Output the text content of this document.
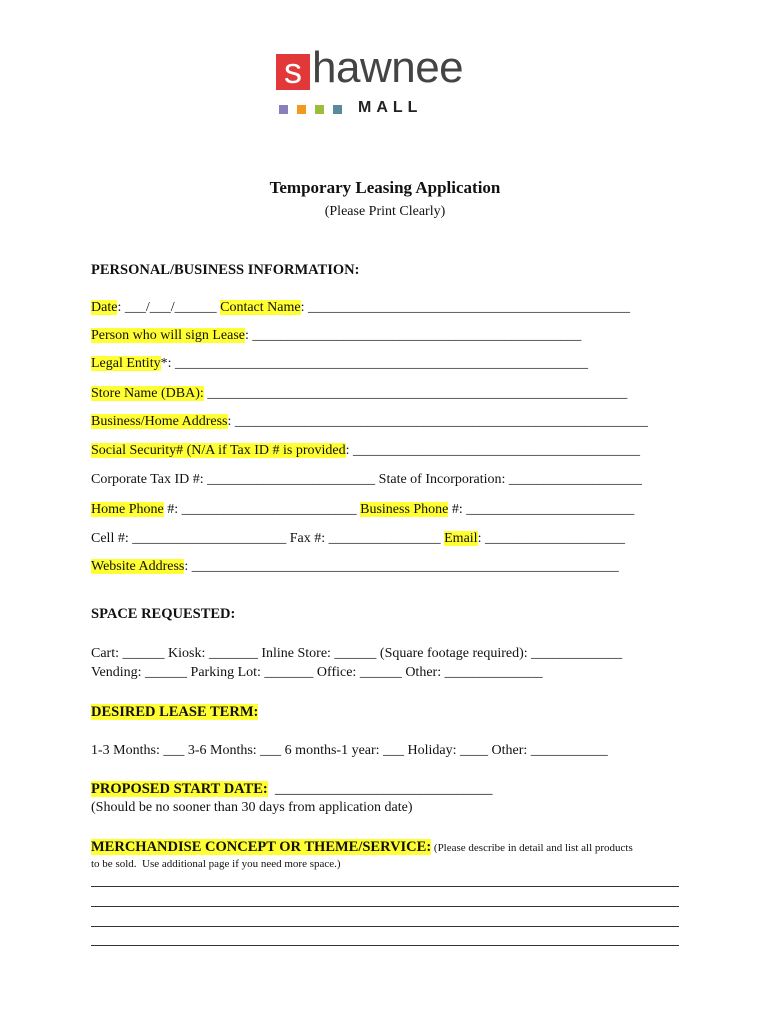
s hawnee
MALL
Temporary Leasing Application
(Please Print Clearly)
PERSONAL/BUSINESS INFORMATION:
Date: ___/___/______ Contact Name: ______________________________________________
Person who will sign Lease: _______________________________________________
Legal Entity*: ___________________________________________________________
Store Name (DBA): ____________________________________________________________
Business/Home Address: ___________________________________________________________
Social Security# (N/A if Tax ID # is provided: _________________________________________
Corporate Tax ID #: ________________________ State of Incorporation: ___________________
Home Phone #: _________________________ Business Phone #: ________________________
Cell #: ______________________ Fax #: ________________ Email: ____________________
Website Address: _____________________________________________________________
SPACE REQUESTED:
Cart: ______ Kiosk: _______ Inline Store: ______ (Square footage required): _____________
Vending: ______ Parking Lot: _______ Office: ______ Other: ______________
DESIRED LEASE TERM:
1-3 Months: ___ 3-6 Months: ___ 6 months-1 year: ___ Holiday: ____ Other: ___________
PROPOSED START DATE:  ______________________________
(Should be no sooner than 30 days from application date)
MERCHANDISE CONCEPT OR THEME/SERVICE: (Please describe in detail and list all products
to be sold.  Use additional page if you need more space.)
